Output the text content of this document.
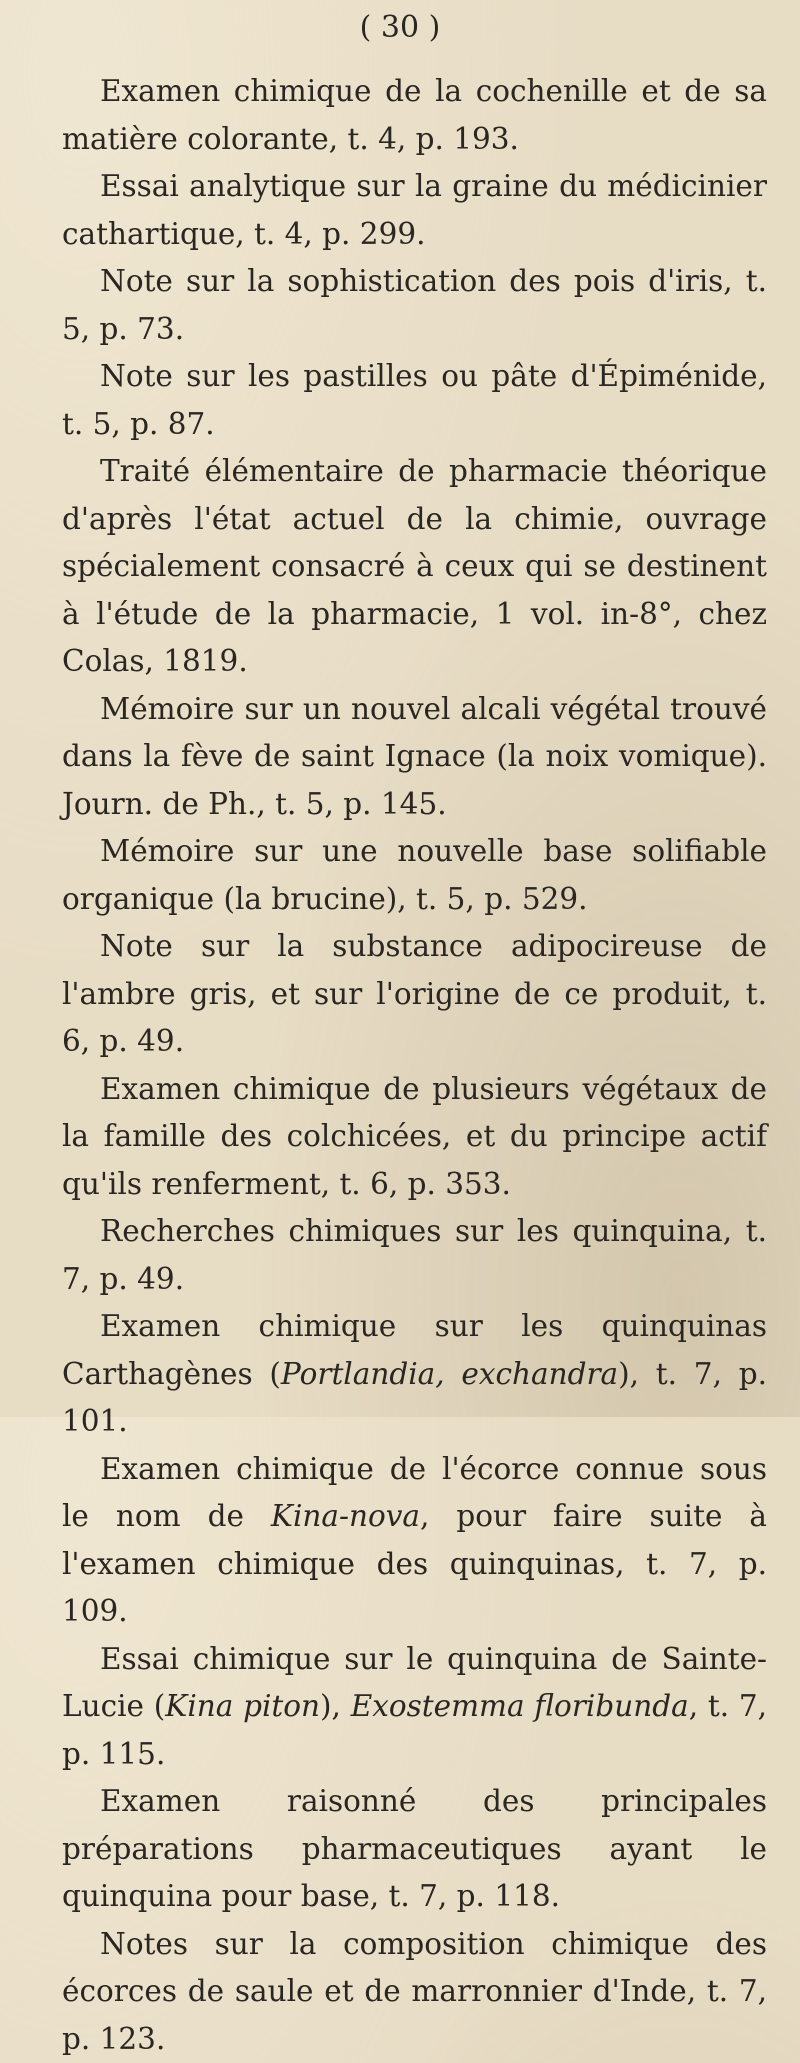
( 30 )

Examen chimique de la cochenille et de sa matière colorante, t. 4, p. 193.

Essai analytique sur la graine du médicinier cathartique, t. 4, p. 299.

Note sur la sophistication des pois d'iris, t. 5, p. 73.

Note sur les pastilles ou pâte d'Épiménide, t. 5, p. 87.

Traité élémentaire de pharmacie théorique d'après l'état actuel de la chimie, ouvrage spécialement consacré à ceux qui se destinent à l'étude de la pharmacie, 1 vol. in-8°, chez Colas, 1819.

Mémoire sur un nouvel alcali végétal trouvé dans la fève de saint Ignace (la noix vomique). Journ. de Ph., t. 5, p. 145.

Mémoire sur une nouvelle base solifiable organique (la brucine), t. 5, p. 529.

Note sur la substance adipocireuse de l'ambre gris, et sur l'origine de ce produit, t. 6, p. 49.

Examen chimique de plusieurs végétaux de la famille des colchicées, et du principe actif qu'ils renferment, t. 6, p. 353.

Recherches chimiques sur les quinquina, t. 7, p. 49.

Examen chimique sur les quinquinas Carthagènes (Portlandia, exchandra), t. 7, p. 101.

Examen chimique de l'écorce connue sous le nom de Kina-nova, pour faire suite à l'examen chimique des quinquinas, t. 7, p. 109.

Essai chimique sur le quinquina de Sainte-Lucie (Kina piton), Exostemma floribunda, t. 7, p. 115.

Examen raisonné des principales préparations pharmaceutiques ayant le quinquina pour base, t. 7, p. 118.

Notes sur la composition chimique des écorces de saule et de marronnier d'Inde, t. 7, p. 123.
